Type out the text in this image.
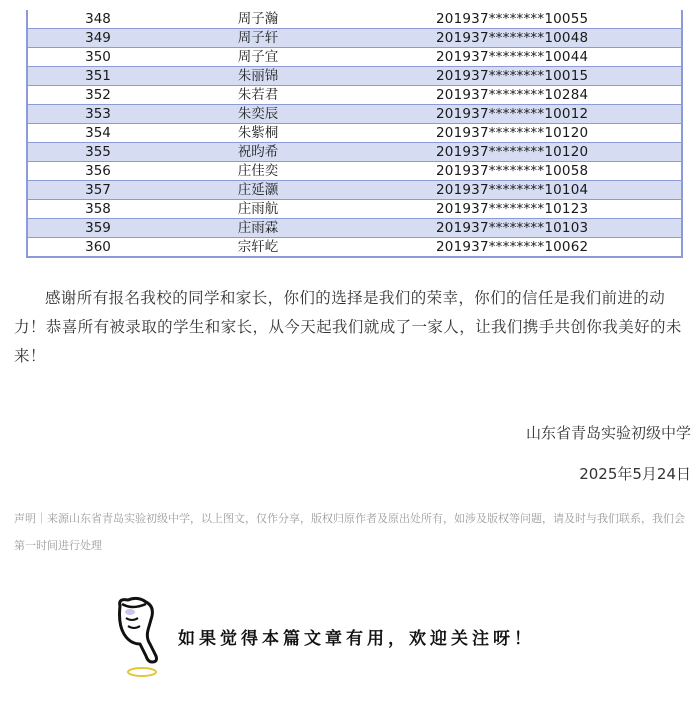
348	周子瀚	201937********10055
349	周子轩	201937********10048
350	周子宜	201937********10044
351	朱丽锦	201937********10015
352	朱若君	201937********10284
353	朱奕辰	201937********10012
354	朱紫桐	201937********10120
355	祝昀希	201937********10120
356	庄佳奕	201937********10058
357	庄延灏	201937********10104
358	庄雨航	201937********10123
359	庄雨霖	201937********10103
360	宗轩屹	201937********10062

感谢所有报名我校的同学和家长，你们的选择是我们的荣幸，你们的信任是我们前进的动力！恭喜所有被录取的学生和家长，从今天起我们就成了一家人，让我们携手共创你我美好的未来！

山东省青岛实验初级中学
2025年5月24日

声明｜来源山东省青岛实验初级中学，以上图文，仅作分享，版权归原作者及原出处所有，如涉及版权等问题，请及时与我们联系，我们会第一时间进行处理

如果觉得本篇文章有用，欢迎关注呀！
